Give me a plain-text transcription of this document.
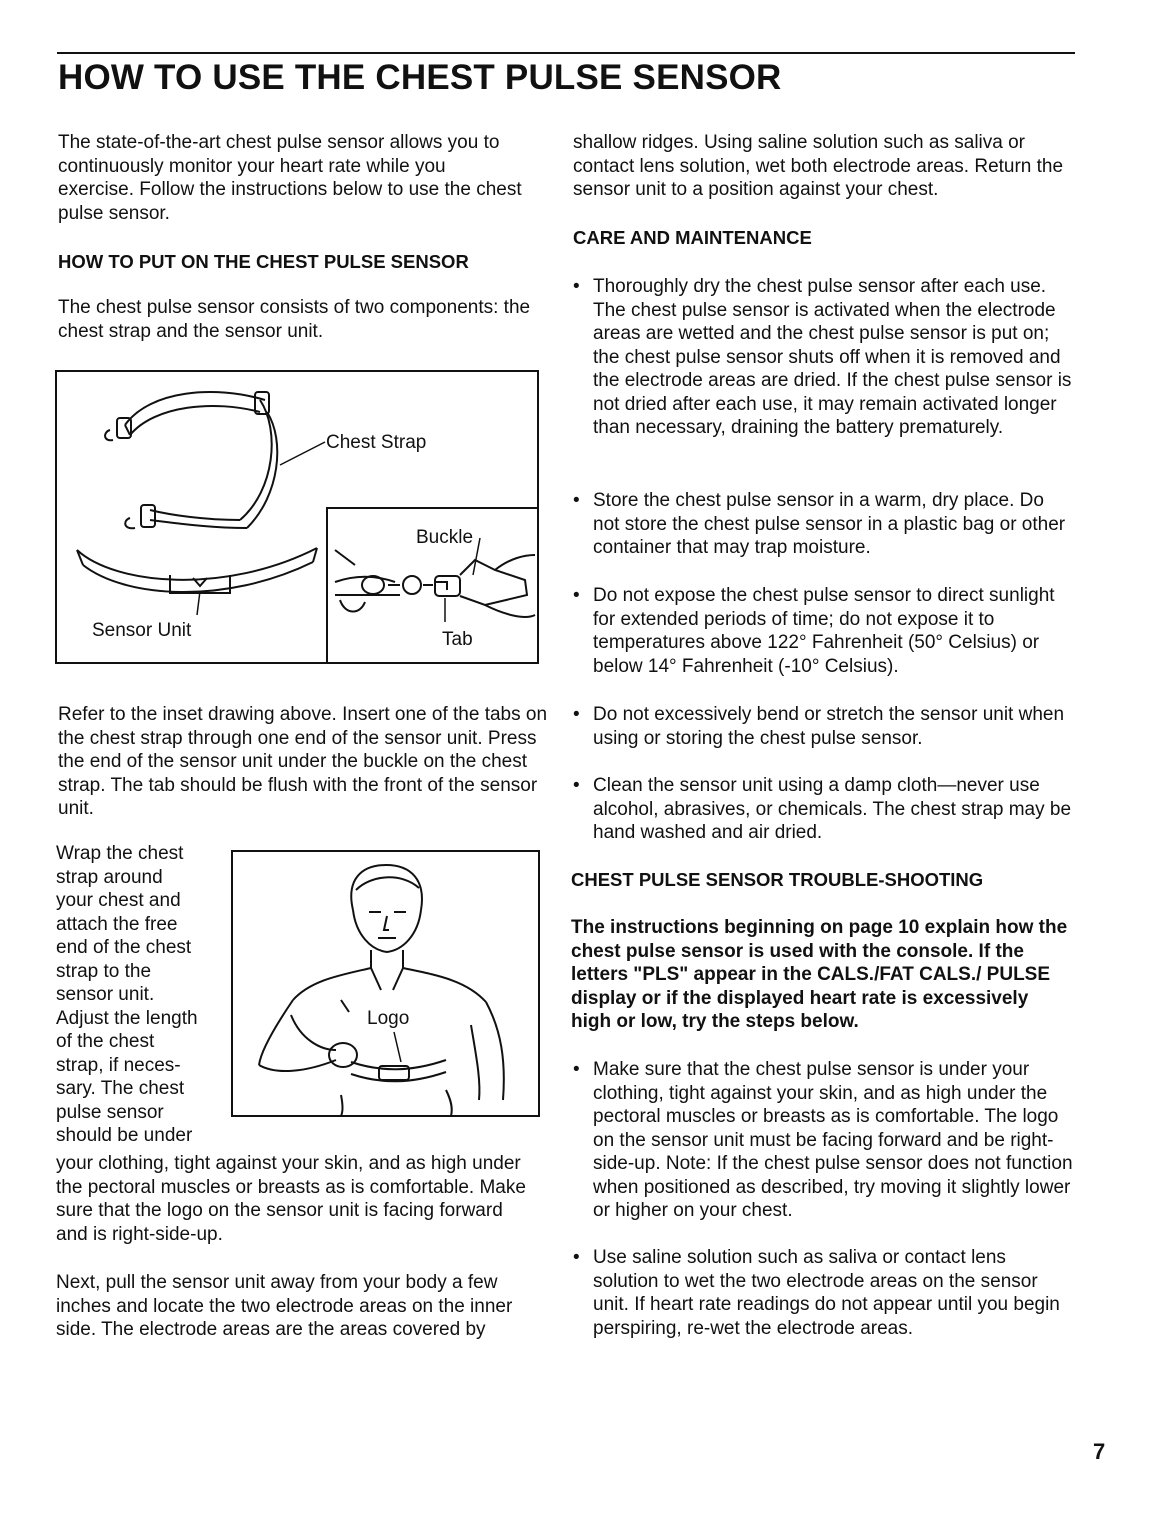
HOW TO USE THE CHEST PULSE SENSOR
The state-of-the-art chest pulse sensor allows you to continuously monitor your heart rate while you exercise. Follow the instructions below to use the chest pulse sensor.
HOW TO PUT ON THE CHEST PULSE SENSOR
The chest pulse sensor consists of two components: the chest strap and the sensor unit.
Chest Strap
Sensor Unit
Buckle
Tab
Refer to the inset drawing above. Insert one of the tabs on the chest strap through one end of the sensor unit. Press the end of the sensor unit under the buckle on the chest strap. The tab should be flush with the front of the sensor unit.
Wrap the chest
strap around
your chest and
attach the free
end of the chest
strap to the
sensor unit.
Adjust the length
of the chest
strap, if neces-
sary. The chest
pulse sensor
should be under
your clothing, tight against your skin, and as high under the pectoral muscles or breasts as is comfortable. Make sure that the logo on the sensor unit is facing forward and is right-side-up.
Logo
Next, pull the sensor unit away from your body a few inches and locate the two electrode areas on the inner side. The electrode areas are the areas covered by
shallow ridges. Using saline solution such as saliva or contact lens solution, wet both electrode areas. Return the sensor unit to a position against your chest.
CARE AND MAINTENANCE
• Thoroughly dry the chest pulse sensor after each use. The chest pulse sensor is activated when the electrode areas are wetted and the chest pulse sensor is put on; the chest pulse sensor shuts off when it is removed and the electrode areas are dried. If the chest pulse sensor is not dried after each use, it may remain activated longer than necessary, draining the battery prematurely.
• Store the chest pulse sensor in a warm, dry place. Do not store the chest pulse sensor in a plastic bag or other container that may trap moisture.
• Do not expose the chest pulse sensor to direct sunlight for extended periods of time; do not expose it to temperatures above 122° Fahrenheit (50° Celsius) or below 14° Fahrenheit (-10° Celsius).
• Do not excessively bend or stretch the sensor unit when using or storing the chest pulse sensor.
• Clean the sensor unit using a damp cloth—never use alcohol, abrasives, or chemicals. The chest strap may be hand washed and air dried.
CHEST PULSE SENSOR TROUBLE-SHOOTING
The instructions beginning on page 10 explain how the chest pulse sensor is used with the console. If the letters "PLS" appear in the CALS./FAT CALS./ PULSE display or if the displayed heart rate is excessively high or low, try the steps below.
• Make sure that the chest pulse sensor is under your clothing, tight against your skin, and as high under the pectoral muscles or breasts as is comfortable. The logo on the sensor unit must be facing forward and be right-side-up. Note: If the chest pulse sensor does not function when positioned as described, try moving it slightly lower or higher on your chest.
• Use saline solution such as saliva or contact lens solution to wet the two electrode areas on the sensor unit. If heart rate readings do not appear until you begin perspiring, re-wet the electrode areas.
7
